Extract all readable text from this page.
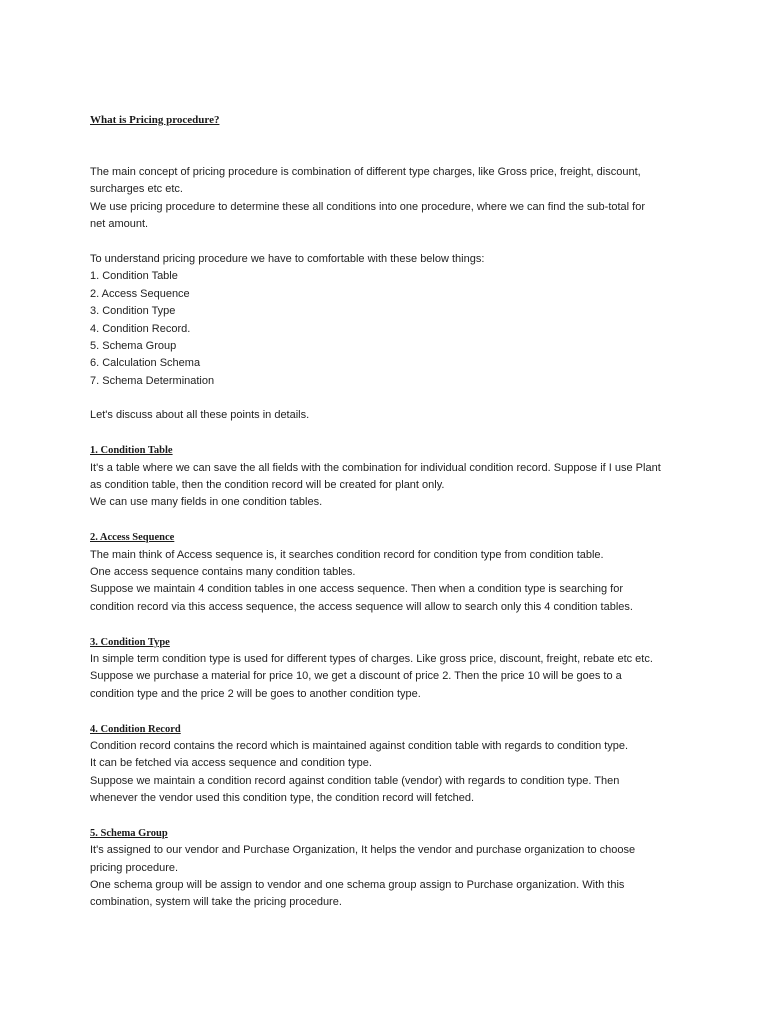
What is Pricing procedure?
The main concept of pricing procedure is combination of different type charges, like Gross price, freight, discount,
surcharges etc etc.
We use pricing procedure to determine these all conditions into one procedure, where we can find the sub-total for
net amount.
To understand pricing procedure we have to comfortable with these below things:
1. Condition Table
2. Access Sequence
3. Condition Type
4. Condition Record.
5. Schema Group
6. Calculation Schema
7. Schema Determination
Let's discuss about all these points in details.
1. Condition Table
It's a table where we can save the all fields with the combination for individual condition record. Suppose if I use Plant
as condition table, then the condition record will be created for plant only.
We can use many fields in one condition tables.
2. Access Sequence
The main think of Access sequence is, it searches condition record for condition type from condition table.
One access sequence contains many condition tables.
Suppose we maintain 4 condition tables in one access sequence. Then when a condition type is searching for
condition record via this access sequence, the access sequence will allow to search only this 4 condition tables.
3. Condition Type
In simple term condition type is used for different types of charges. Like gross price, discount, freight, rebate etc etc.
Suppose we purchase a material for price 10, we get a discount of price 2. Then the price 10 will be goes to a
condition type and the price 2 will be goes to another condition type.
4. Condition Record
Condition record contains the record which is maintained against condition table with regards to condition type.
It can be fetched via access sequence and condition type.
Suppose we maintain a condition record against condition table (vendor) with regards to condition type. Then
whenever the vendor used this condition type, the condition record will fetched.
5. Schema Group
It's assigned to our vendor and Purchase Organization, It helps the vendor and purchase organization to choose
pricing procedure.
One schema group will be assign to vendor and one schema group assign to Purchase organization. With this
combination, system will take the pricing procedure.
